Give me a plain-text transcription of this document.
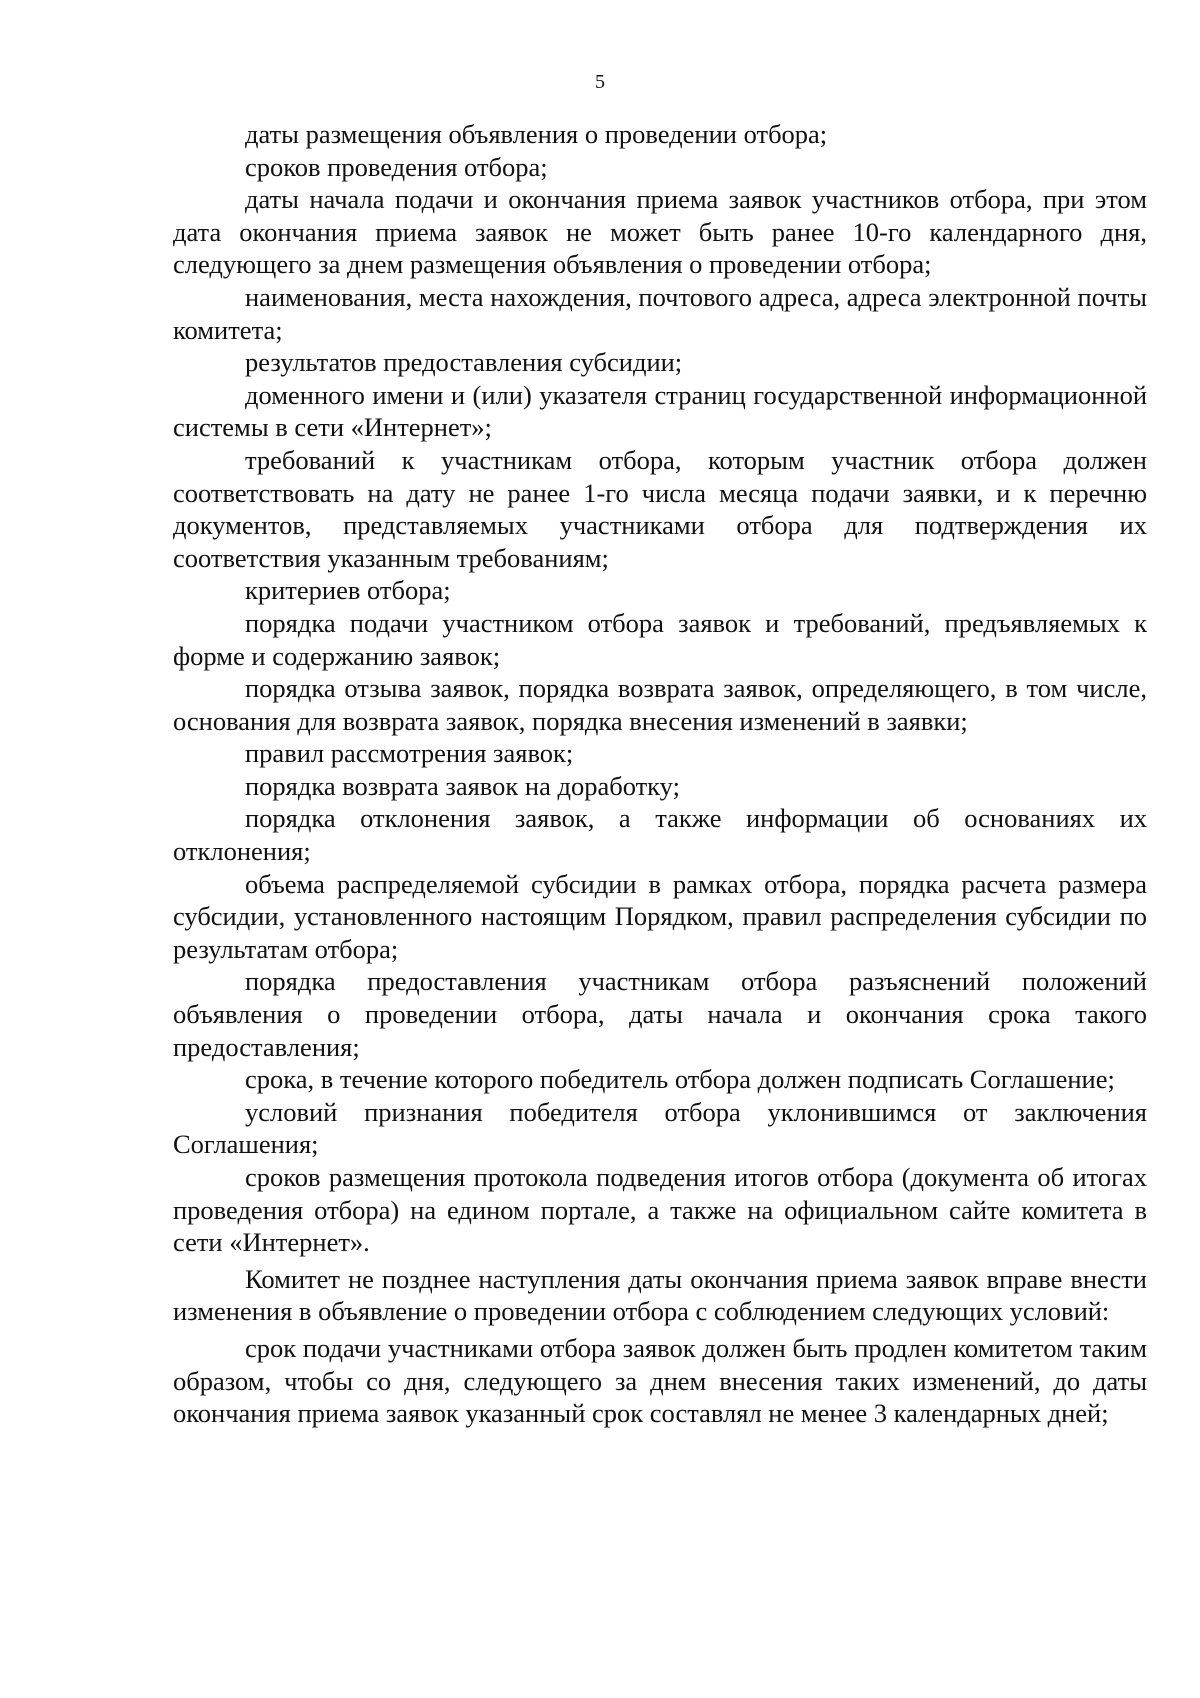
5

даты размещения объявления о проведении отбора;

сроков проведения отбора;

даты начала подачи и окончания приема заявок участников отбора, при этом дата окончания приема заявок не может быть ранее 10-го календарного дня, следующего за днем размещения объявления о проведении отбора;

наименования, места нахождения, почтового адреса, адреса электронной почты комитета;

результатов предоставления субсидии;

доменного имени и (или) указателя страниц государственной информационной системы в сети «Интернет»;

требований к участникам отбора, которым участник отбора должен соответствовать на дату не ранее 1-го числа месяца подачи заявки, и к перечню документов, представляемых участниками отбора для подтверждения их соответствия указанным требованиям;

критериев отбора;

порядка подачи участником отбора заявок и требований, предъявляемых к форме и содержанию заявок;

порядка отзыва заявок, порядка возврата заявок, определяющего, в том числе, основания для возврата заявок, порядка внесения изменений в заявки;

правил рассмотрения заявок;

порядка возврата заявок на доработку;

порядка отклонения заявок, а также информации об основаниях их отклонения;

объема распределяемой субсидии в рамках отбора, порядка расчета размера субсидии, установленного настоящим Порядком, правил распределения субсидии по результатам отбора;

порядка предоставления участникам отбора разъяснений положений объявления о проведении отбора, даты начала и окончания срока такого предоставления;

срока, в течение которого победитель отбора должен подписать Соглашение;

условий признания победителя отбора уклонившимся от заключения Соглашения;

сроков размещения протокола подведения итогов отбора (документа об итогах проведения отбора) на едином портале, а также на официальном сайте комитета в сети «Интернет».

Комитет не позднее наступления даты окончания приема заявок вправе внести изменения в объявление о проведении отбора с соблюдением следующих условий:

срок подачи участниками отбора заявок должен быть продлен комитетом таким образом, чтобы со дня, следующего за днем внесения таких изменений, до даты окончания приема заявок указанный срок составлял не менее 3 календарных дней;
